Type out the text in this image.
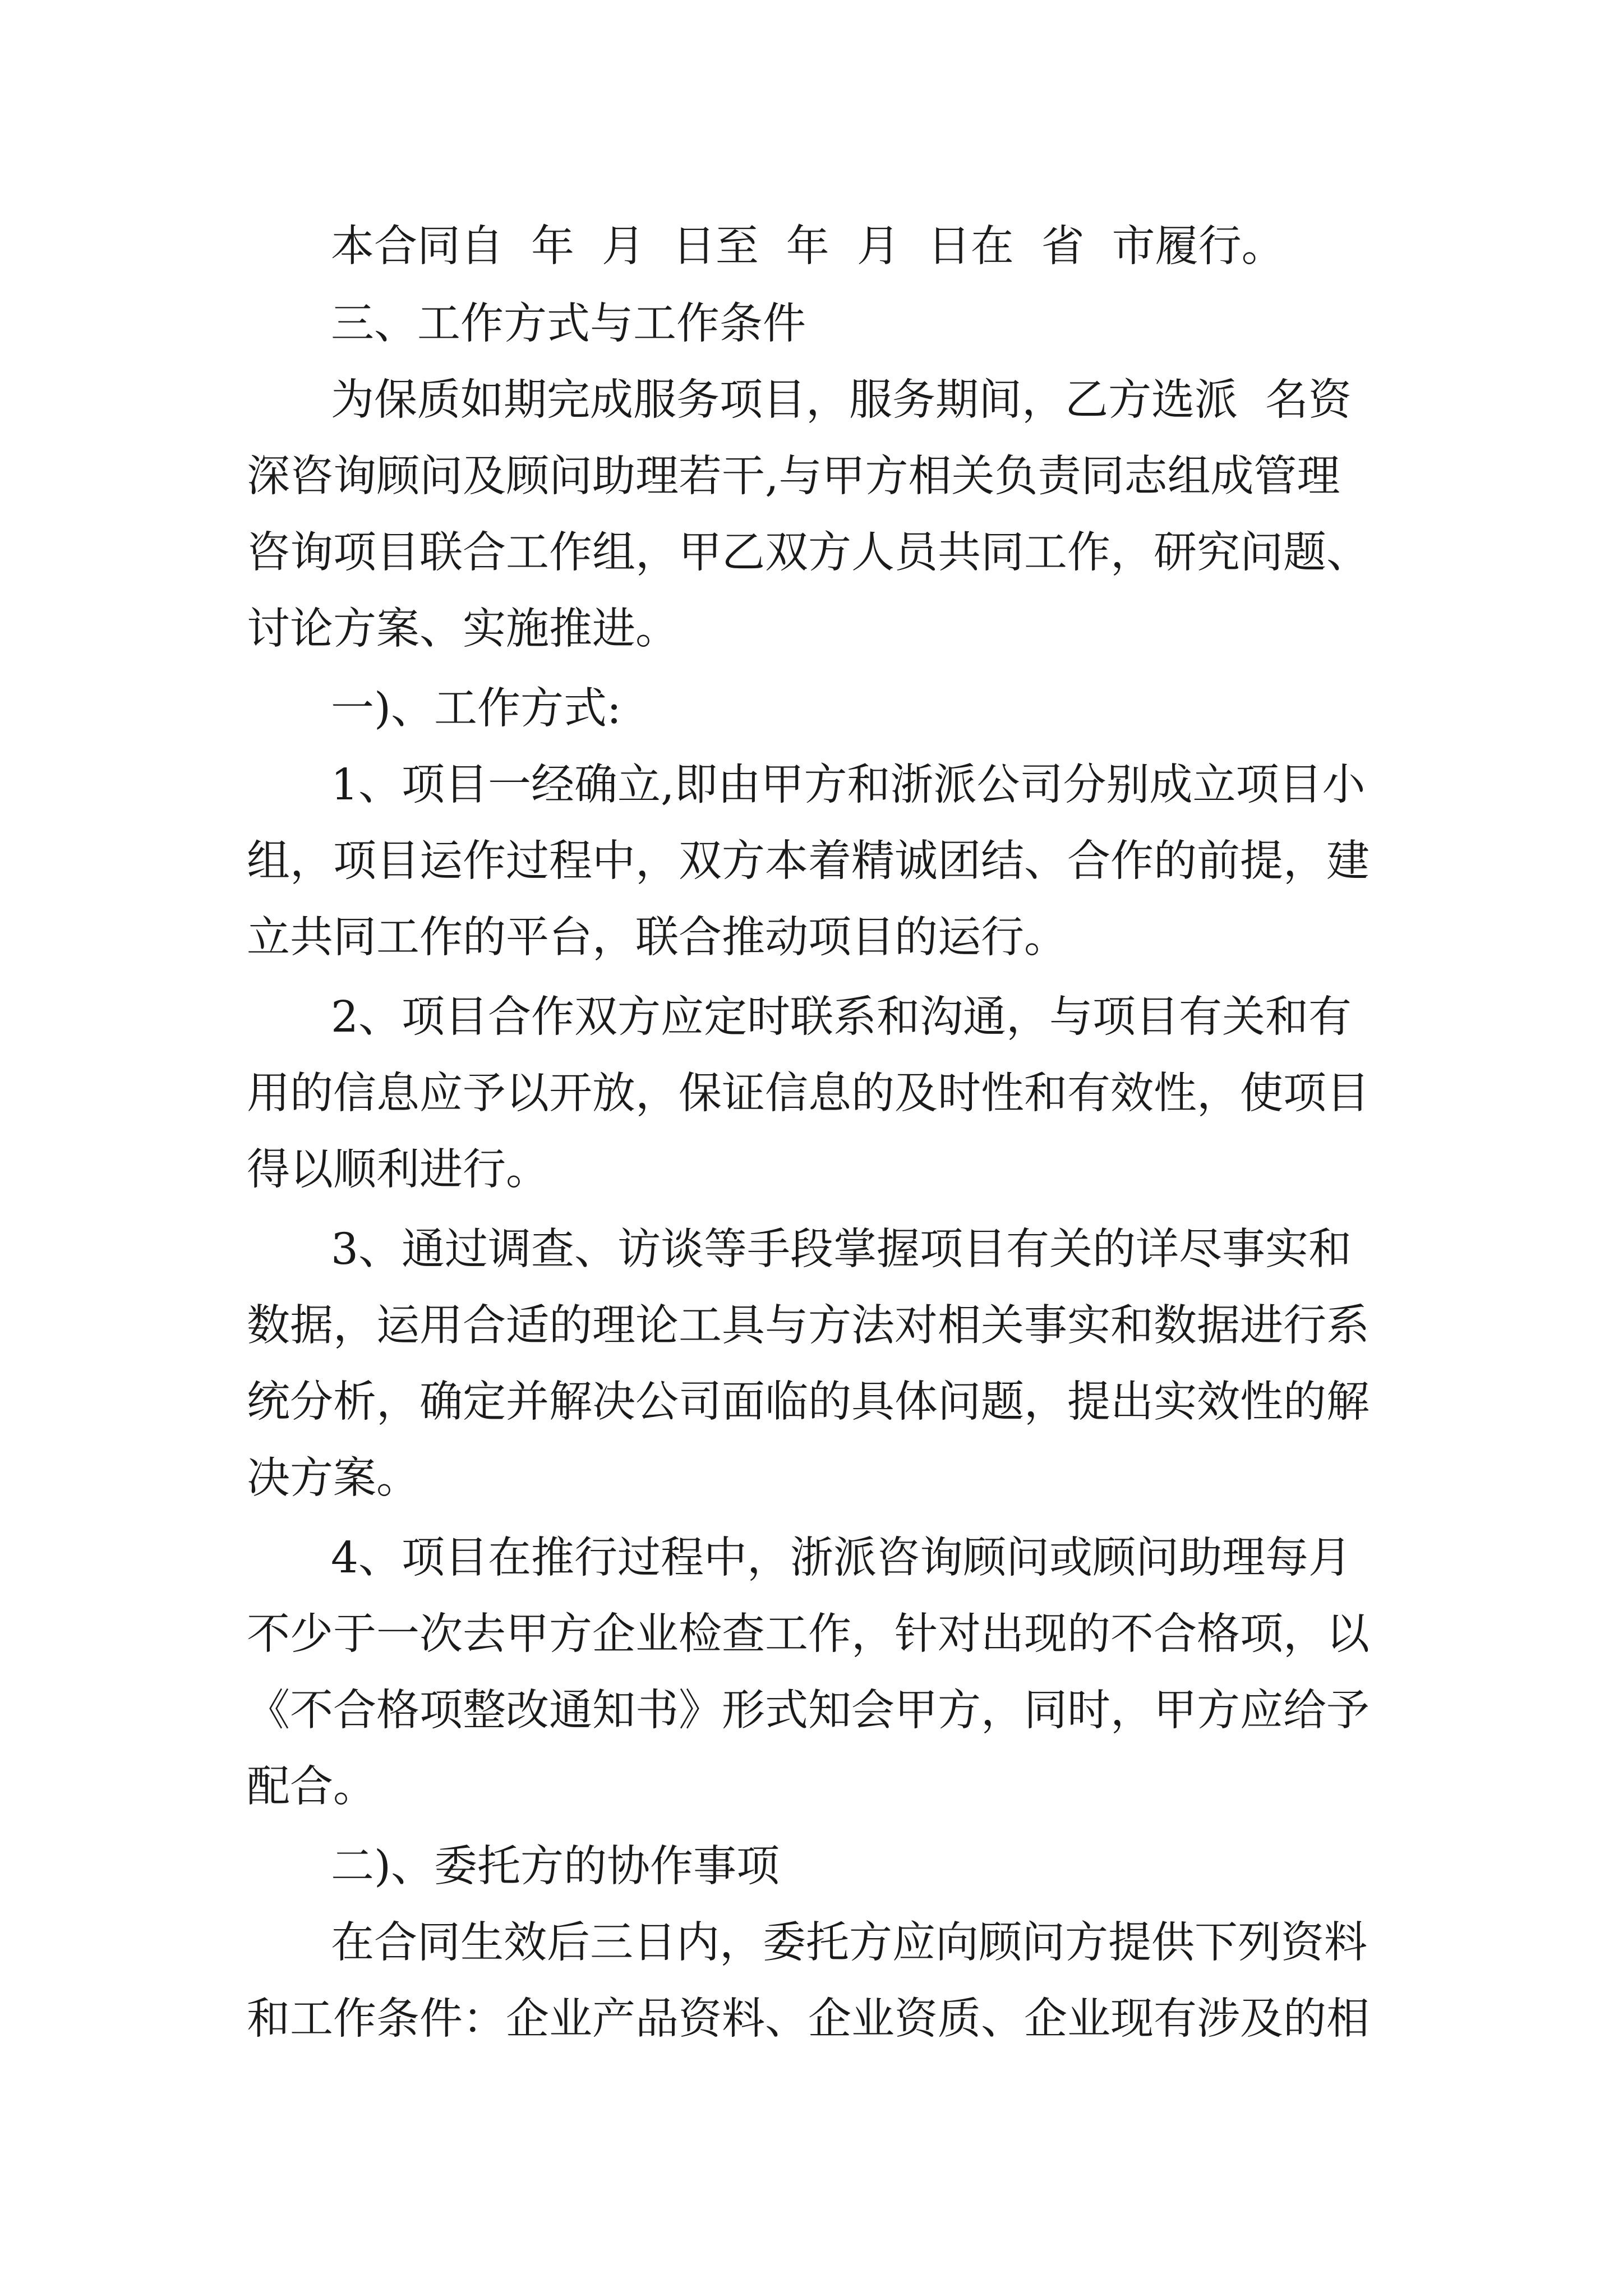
本合同自  年  月  日至  年  月  日在  省  市履行。
三、工作方式与工作条件
为保质如期完成服务项目，服务期间，乙方选派  名资
深咨询顾问及顾问助理若干,与甲方相关负责同志组成管理
咨询项目联合工作组，甲乙双方人员共同工作，研究问题、
讨论方案、实施推进。
一)、工作方式:
1、项目一经确立,即由甲方和浙派公司分别成立项目小
组，项目运作过程中，双方本着精诚团结、合作的前提，建
立共同工作的平台，联合推动项目的运行。
2、项目合作双方应定时联系和沟通，与项目有关和有
用的信息应予以开放，保证信息的及时性和有效性，使项目
得以顺利进行。
3、通过调查、访谈等手段掌握项目有关的详尽事实和
数据，运用合适的理论工具与方法对相关事实和数据进行系
统分析，确定并解决公司面临的具体问题，提出实效性的解
决方案。
4、项目在推行过程中，浙派咨询顾问或顾问助理每月
不少于一次去甲方企业检查工作，针对出现的不合格项，以
《不合格项整改通知书》形式知会甲方，同时，甲方应给予
配合。
二)、委托方的协作事项
在合同生效后三日内，委托方应向顾问方提供下列资料
和工作条件：企业产品资料、企业资质、企业现有涉及的相
